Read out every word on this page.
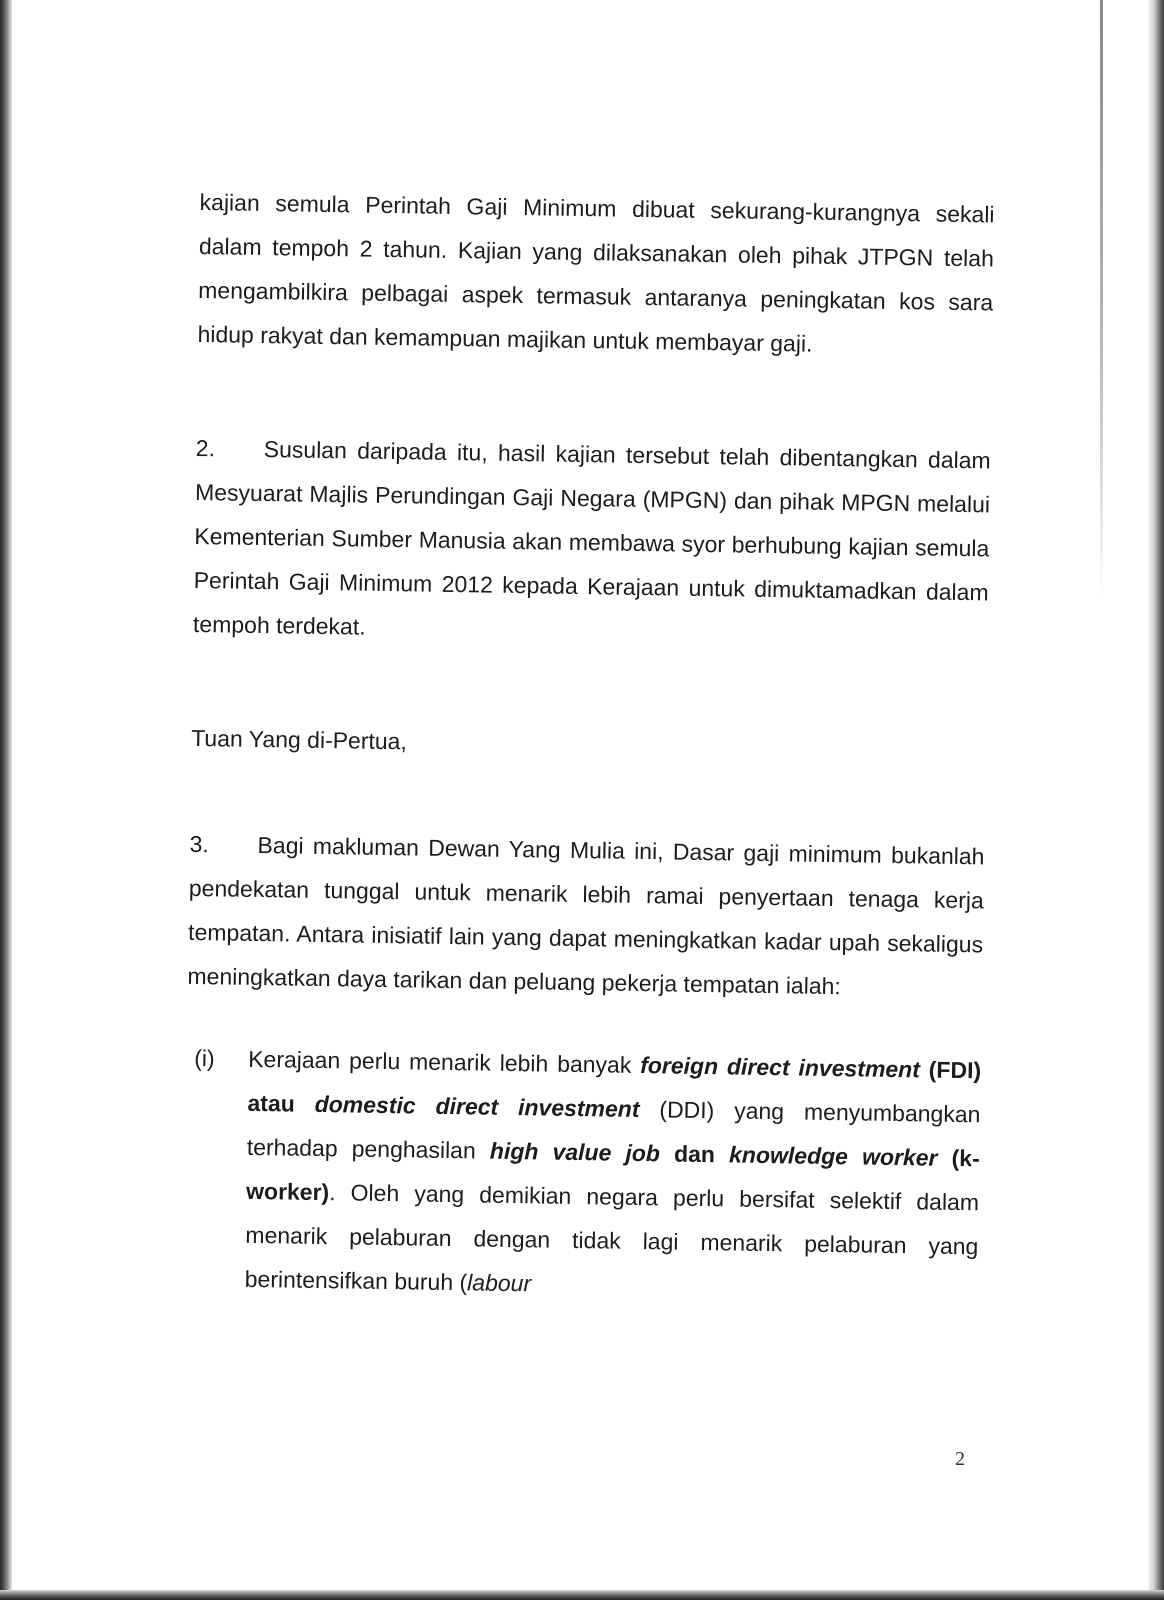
kajian semula Perintah Gaji Minimum dibuat sekurang-kurangnya sekali dalam tempoh 2 tahun. Kajian yang dilaksanakan oleh pihak JTPGN telah mengambilkira pelbagai aspek termasuk antaranya peningkatan kos sara hidup rakyat dan kemampuan majikan untuk membayar gaji.

2. Susulan daripada itu, hasil kajian tersebut telah dibentangkan dalam Mesyuarat Majlis Perundingan Gaji Negara (MPGN) dan pihak MPGN melalui Kementerian Sumber Manusia akan membawa syor berhubung kajian semula Perintah Gaji Minimum 2012 kepada Kerajaan untuk dimuktamadkan dalam tempoh terdekat.

Tuan Yang di-Pertua,

3. Bagi makluman Dewan Yang Mulia ini, Dasar gaji minimum bukanlah pendekatan tunggal untuk menarik lebih ramai penyertaan tenaga kerja tempatan. Antara inisiatif lain yang dapat meningkatkan kadar upah sekaligus meningkatkan daya tarikan dan peluang pekerja tempatan ialah:

(i)	Kerajaan perlu menarik lebih banyak foreign direct investment (FDI) atau domestic direct investment (DDI) yang menyumbangkan terhadap penghasilan high value job dan knowledge worker (k-worker). Oleh yang demikian negara perlu bersifat selektif dalam menarik pelaburan dengan tidak lagi menarik pelaburan yang berintensifkan buruh (labour
2
